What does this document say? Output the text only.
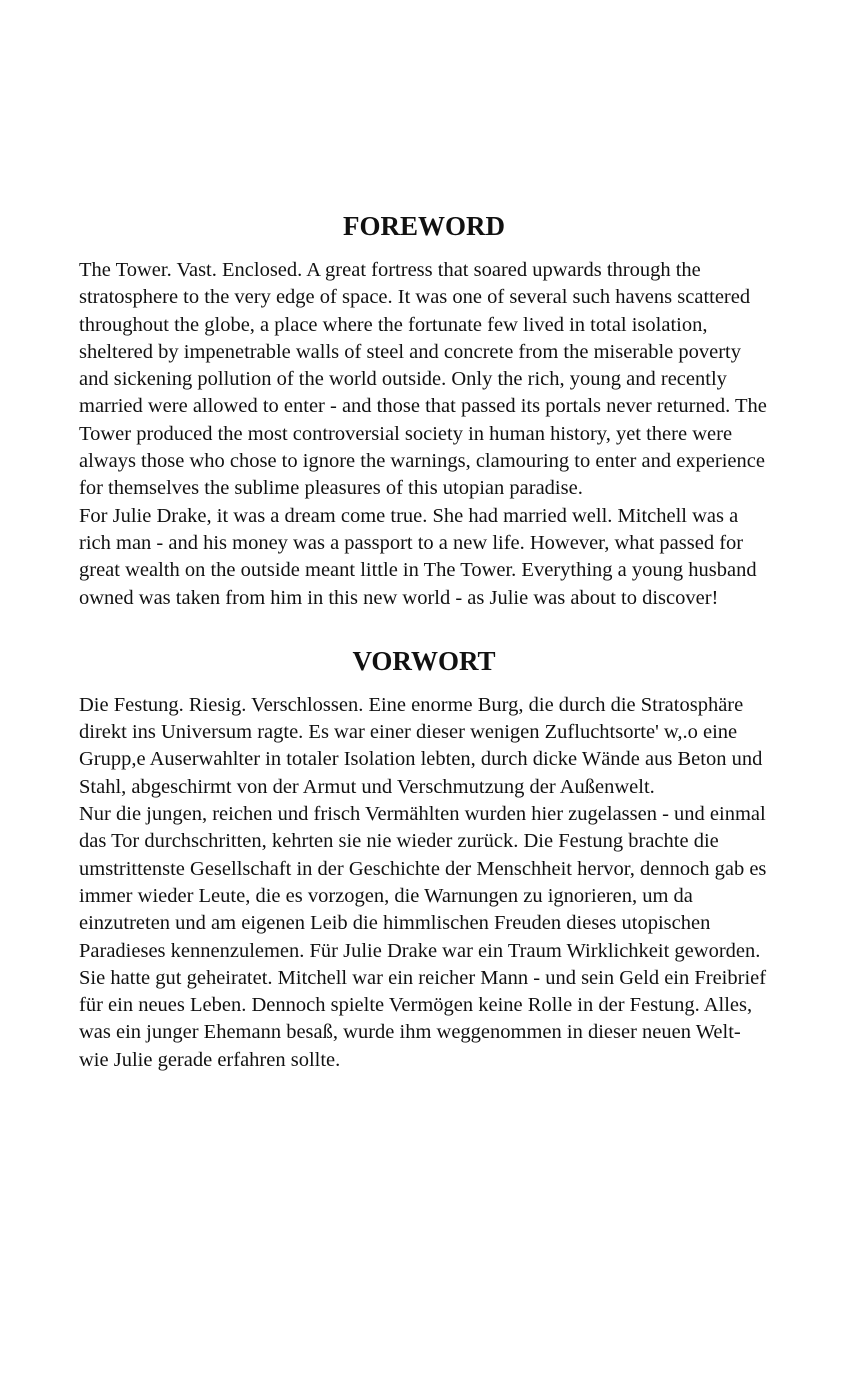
FOREWORD

The Tower. Vast. Enclosed. A great fortress that soared upwards through the stratosphere to the very edge of space. It was one of several such havens scattered throughout the globe, a place where the fortunate few lived in total isolation, sheltered by impenetrable walls of steel and concrete from the miserable poverty and sickening pollution of the world outside. Only the rich, young and recently married were allowed to enter - and those that passed its portals never returned. The Tower produced the most controversial society in human history, yet there were always those who chose to ignore the warnings, clamouring to enter and experience for themselves the sublime pleasures of this utopian paradise.

For Julie Drake, it was a dream come true. She had married well. Mitchell was a rich man - and his money was a passport to a new life. However, what passed for great wealth on the outside meant little in The Tower. Everything a young husband owned was taken from him in this new world - as Julie was about to discover!

VORWORT

Die Festung. Riesig. Verschlossen. Eine enorme Burg, die durch die Stratosphäre direkt ins Universum ragte. Es war einer dieser wenigen Zufluchtsorte' w,.o eine Grupp,e Auserwahlter in totaler Isolation lebten, durch dicke Wände aus Beton und Stahl, abgeschirmt von der Armut und Verschmutzung der Außenwelt.

Nur die jungen, reichen und frisch Vermählten wurden hier zugelassen - und einmal das Tor durchschritten, kehrten sie nie wieder zurück. Die Festung brachte die umstrittenste Gesellschaft in der Geschichte der Menschheit hervor, dennoch gab es immer wieder Leute, die es vorzogen, die Warnungen zu ignorieren, um da einzutreten und am eigenen Leib die himmlischen Freuden dieses utopischen Paradieses kennenzulemen. Für Julie Drake war ein Traum Wirklichkeit geworden. Sie hatte gut geheiratet. Mitchell war ein reicher Mann - und sein Geld ein Freibrief für ein neues Leben. Dennoch spielte Vermögen keine Rolle in der Festung. Alles, was ein junger Ehemann besaß, wurde ihm weggenommen in dieser neuen Welt- wie Julie gerade erfahren sollte.
